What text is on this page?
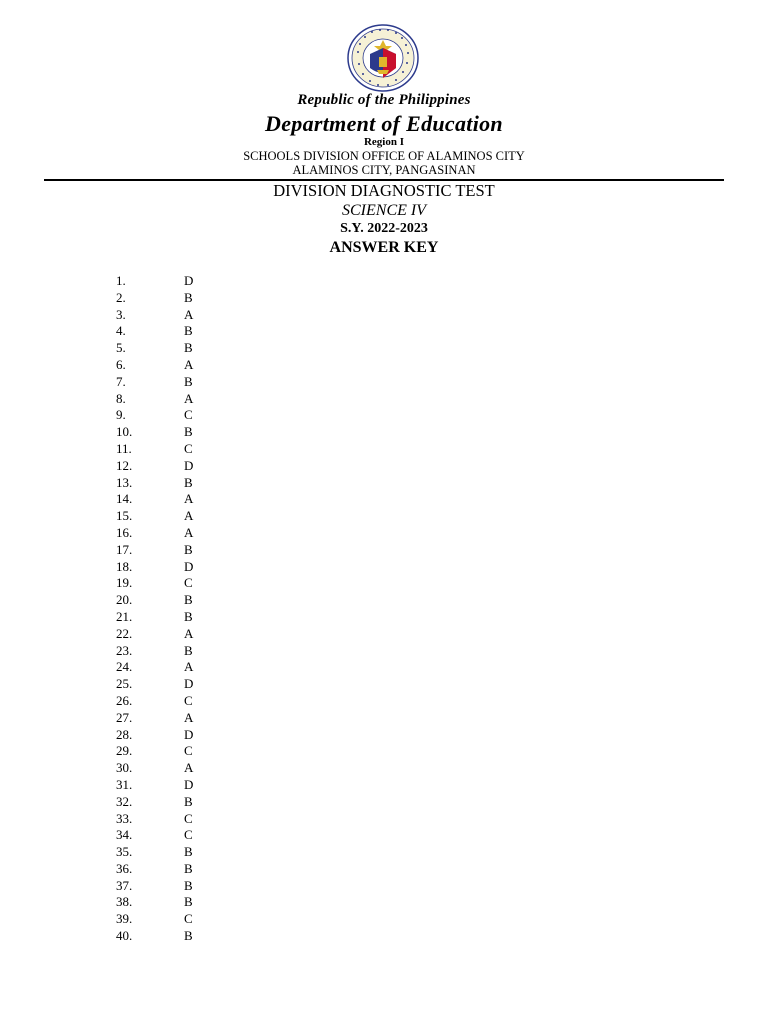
Republic of the Philippines
Department of Education
Region I
SCHOOLS DIVISION OFFICE OF ALAMINOS CITY
ALAMINOS CITY, PANGASINAN
DIVISION DIAGNOSTIC TEST
SCIENCE IV
S.Y. 2022-2023
ANSWER KEY
1.	D
2.	B
3.	A
4.	B
5.	B
6.	A
7.	B
8.	A
9.	C
10.	B
11.	C
12.	D
13.	B
14.	A
15.	A
16.	A
17.	B
18.	D
19.	C
20.	B
21.	B
22.	A
23.	B
24.	A
25.	D
26.	C
27.	A
28.	D
29.	C
30.	A
31.	D
32.	B
33.	C
34.	C
35.	B
36.	B
37.	B
38.	B
39.	C
40.	B
